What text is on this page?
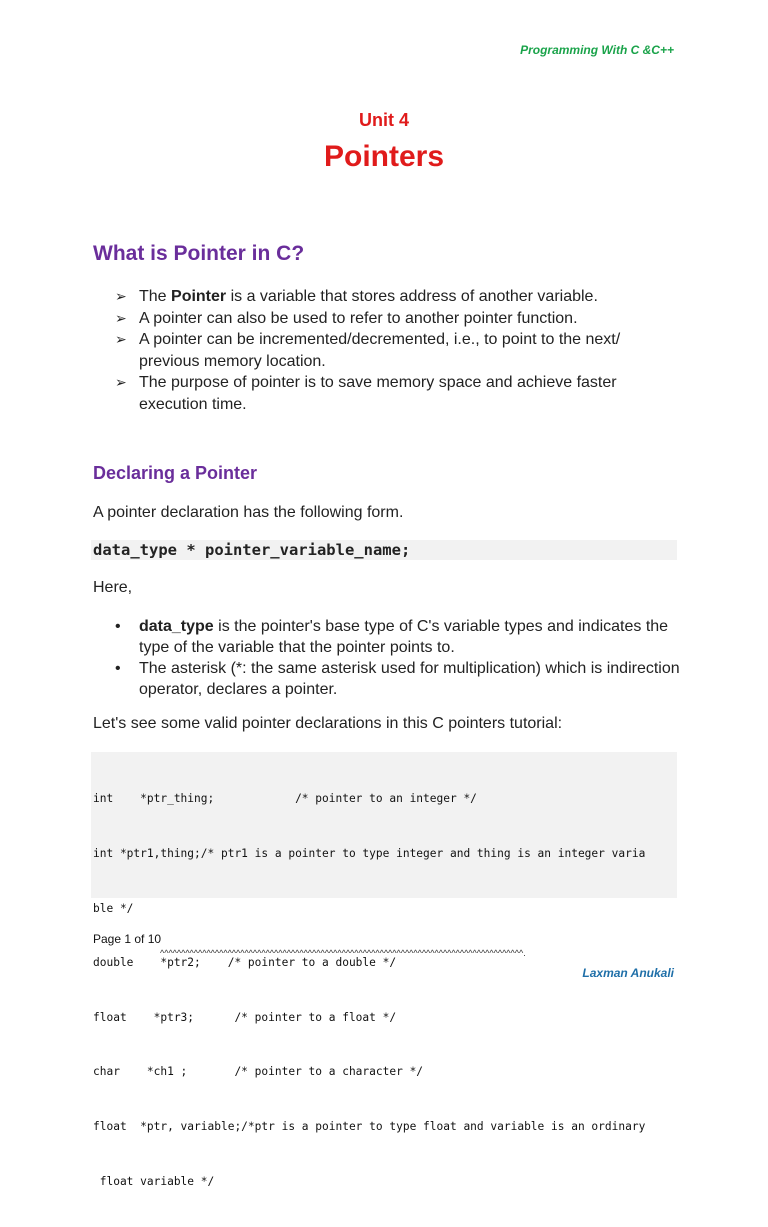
Programming With C &C++
Unit 4
Pointers
What is Pointer in C?
➢ The Pointer is a variable that stores address of another variable.
➢ A pointer can also be used to refer to another pointer function.
➢ A pointer can be incremented/decremented, i.e., to point to the next/ previous memory location.
➢ The purpose of pointer is to save memory space and achieve faster execution time.
Declaring a Pointer
A pointer declaration has the following form.
data_type * pointer_variable_name;
Here,
• data_type is the pointer's base type of C's variable types and indicates the type of the variable that the pointer points to.
• The asterisk (*: the same asterisk used for multiplication) which is indirection operator, declares a pointer.
Let's see some valid pointer declarations in this C pointers tutorial:

int    *ptr_thing;            /* pointer to an integer */

int *ptr1,thing;/* ptr1 is a pointer to type integer and thing is an integer varia

ble */

double    *ptr2;    /* pointer to a double */

float    *ptr3;      /* pointer to a float */

char    *ch1 ;       /* pointer to a character */

float  *ptr, variable;/*ptr is a pointer to type float and variable is an ordinary

float variable */

Page 1 of 10
^^^^^^^^^^^^^^^^^^^^^^^^^^^^^^^^^^^^^^^^^^^^^^^^^^^^^^^^^^^^^^^^^^^^^^^^^^^^^^^^^^^^^^.
Laxman Anukali
